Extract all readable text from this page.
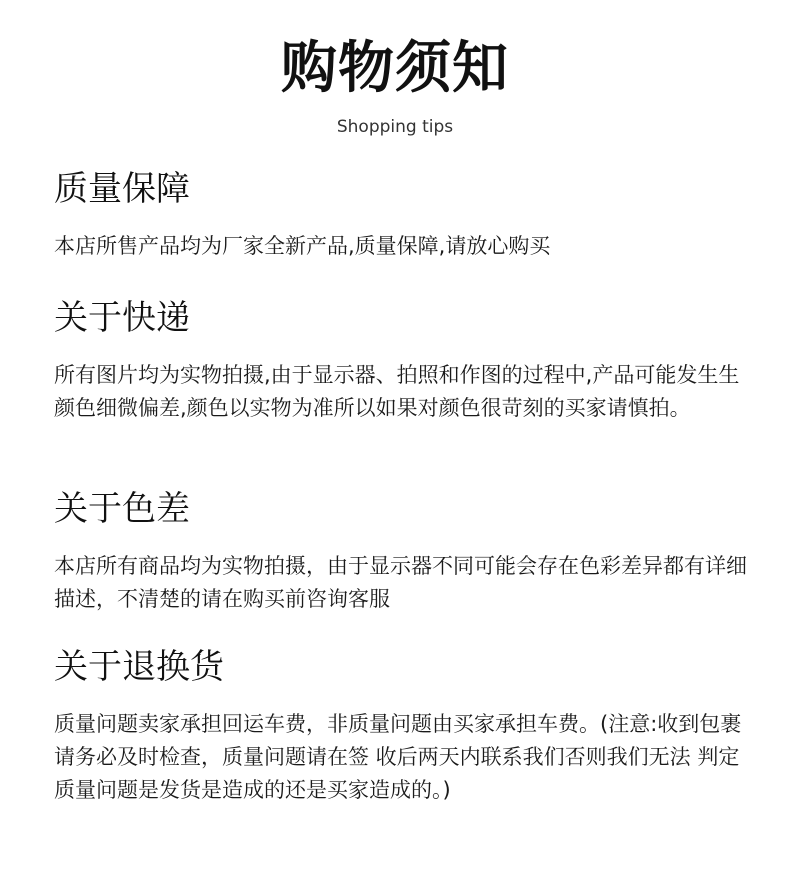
购物须知
Shopping tips
质量保障
本店所售产品均为厂家全新产品,质量保障,请放心购买
关于快递
所有图片均为实物拍摄,由于显示器、拍照和作图的过程中,产品可能发生生颜色细微偏差,颜色以实物为准所以如果对颜色很苛刻的买家请慎拍。
关于色差
本店所有商品均为实物拍摄，由于显示器不同可能会存在色彩差异都有详细描述，不清楚的请在购买前咨询客服
关于退换货
质量问题卖家承担回运车费，非质量问题由买家承担车费。(注意:收到包裹请务必及时检查，质量问题请在签 收后两天内联系我们否则我们无法 判定质量问题是发货是造成的还是买家造成的。)
